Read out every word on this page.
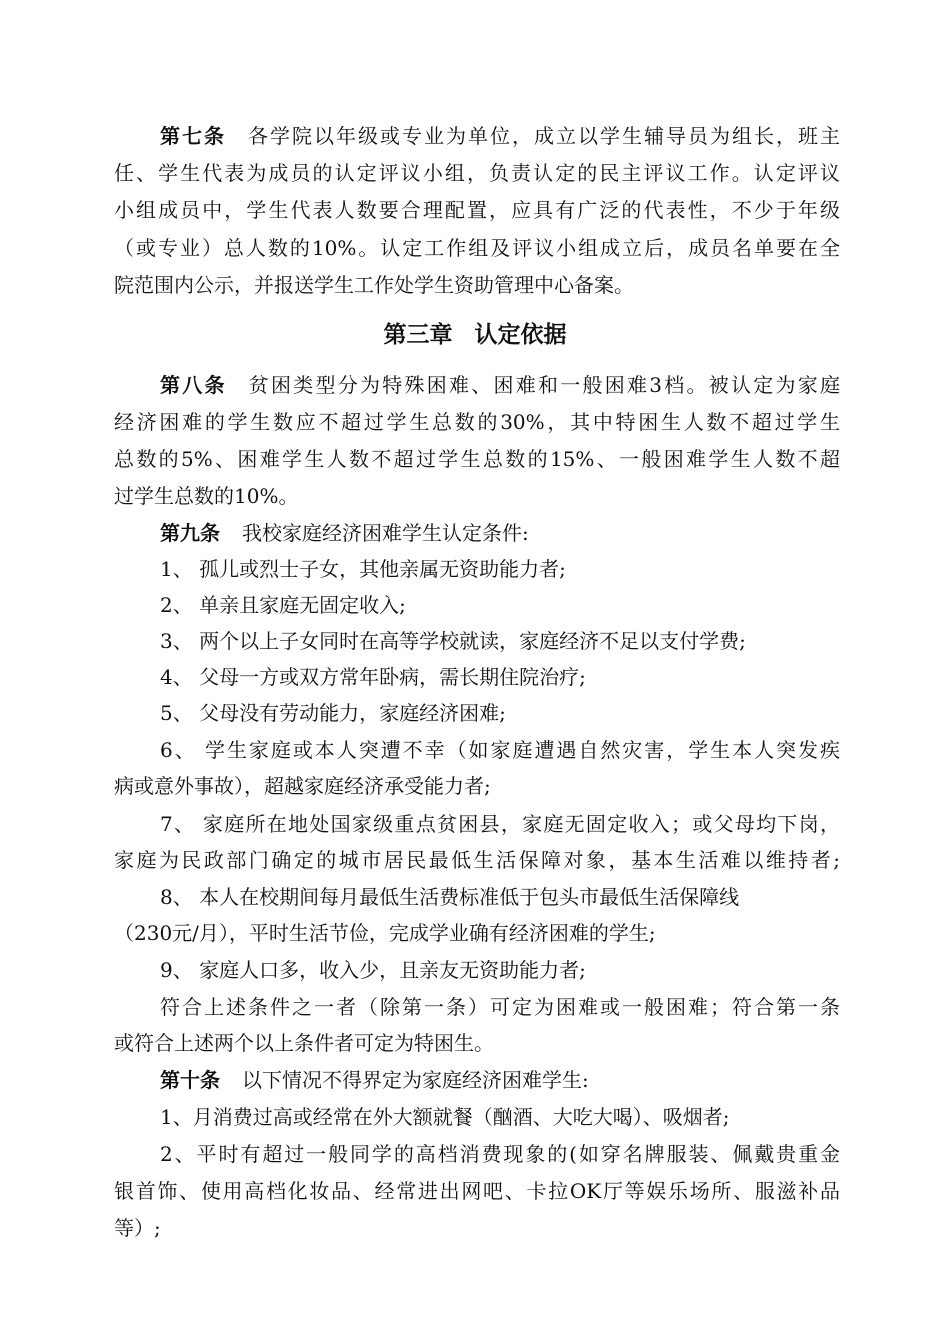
第七条 各学院以年级或专业为单位，成立以学生辅导员为组长，班主
任、学生代表为成员的认定评议小组，负责认定的民主评议工作。认定评议
小组成员中，学生代表人数要合理配置，应具有广泛的代表性，不少于年级
（或专业）总人数的10%。认定工作组及评议小组成立后，成员名单要在全
院范围内公示，并报送学生工作处学生资助管理中心备案。
第三章 认定依据
第八条 贫困类型分为特殊困难、困难和一般困难3档。被认定为家庭
经济困难的学生数应不超过学生总数的30%，其中特困生人数不超过学生
总数的5%、困难学生人数不超过学生总数的15%、一般困难学生人数不超
过学生总数的10%。
第九条 我校家庭经济困难学生认定条件:
1、 孤儿或烈士子女，其他亲属无资助能力者;
2、 单亲且家庭无固定收入;
3、 两个以上子女同时在高等学校就读，家庭经济不足以支付学费;
4、 父母一方或双方常年卧病，需长期住院治疗;
5、 父母没有劳动能力，家庭经济困难;
6、 学生家庭或本人突遭不幸（如家庭遭遇自然灾害，学生本人突发疾
病或意外事故），超越家庭经济承受能力者;
7、 家庭所在地处国家级重点贫困县，家庭无固定收入；或父母均下岗，
家庭为民政部门确定的城市居民最低生活保障对象，基本生活难以维持者;
8、 本人在校期间每月最低生活费标准低于包头市最低生活保障线
（230元/月），平时生活节俭，完成学业确有经济困难的学生;
9、 家庭人口多，收入少，且亲友无资助能力者;
符合上述条件之一者（除第一条）可定为困难或一般困难；符合第一条
或符合上述两个以上条件者可定为特困生。
第十条 以下情况不得界定为家庭经济困难学生:
1、月消费过高或经常在外大额就餐（酗酒、大吃大喝）、吸烟者;
2、平时有超过一般同学的高档消费现象的(如穿名牌服装、佩戴贵重金
银首饰、使用高档化妆品、经常进出网吧、卡拉OK厅等娱乐场所、服滋补品
等）;
